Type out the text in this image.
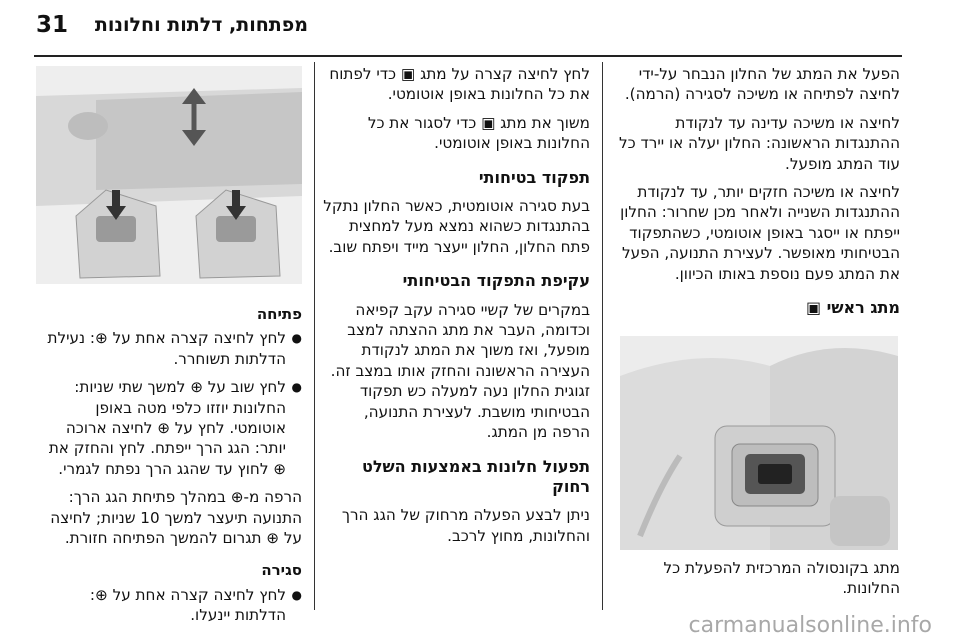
31 מפתחות, דלתות וחלונות

הפעל את המתג של החלון הנבחר על-ידי לחיצה לפתיחה או משיכה לסגירה (הרמה).

לחיצה או משיכה עדינה עד לנקודת ההתנגדות הראשונה: החלון יעלה או יירד כל עוד המתג מופעל.

לחיצה או משיכה חזקים יותר, עד לנקודת ההתנגדות השנייה ולאחר מכן שחרור: החלון ייפתח או ייסגר באופן אוטומטי, כשהתפקוד הבטיחותי מאופשר. לעצירת התנועה, הפעל את המתג פעם נוספת באותו הכיוון.

מתג ראשי ▣

מתג בקונסולה המרכזית להפעלת כל החלונות.

לחץ לחיצה קצרה על מתג ▣ כדי לפתוח את כל החלונות באופן אוטומטי.

משוך את מתג ▣ כדי לסגור את כל החלונות באופן אוטומטי.

תפקוד בטיחותי

בעת סגירה אוטומטית, כאשר החלון נתקל בהתנגדות כשהוא נמצא מעל למחצית פתח החלון, החלון ייעצר מייד ויפתח שוב.

עקיפת התפקוד הבטיחותי

במקרים של קשיי סגירה עקב קפיאה וכדומה, העבר את מתג ההצתה למצב מופעל, ואז משוך את המתג לנקודת העצירה הראשונה והחזק אותו במצב זה. זגוגית החלון נעה למעלה כש תפקוד הבטיחותי מושבת. לעצירת התנועה, הרפה מן המתג.

תפעול חלונות באמצעות השלט רחוק

ניתן לבצע הפעלה מרחוק של הגג הרך והחלונות, מחוץ לרכב.

פתיחה
● לחץ לחיצה קצרה אחת על ⊕: נעילת הדלתות תשוחרר.
● לחץ שוב על ⊕ למשך שתי שניות: החלונות יוזזו כלפי מטה באופן אוטומטי. לחץ על ⊕ לחיצה ארוכה יותר: הגג הרך ייפתח. לחץ והחזק את ⊕ לחוץ עד שהגג הרך נפתח לגמרי.

הרפה מ-⊕ במהלך פתיחת הגג הרך: התנועה תיעצר למשך 10 שניות; לחיצה על ⊕ תגרום להמשך הפתיחה חזורת.

סגירה
● לחץ לחיצה קצרה אחת על ⊕: הדלתות יינעלו.	carmanualsonline.info
